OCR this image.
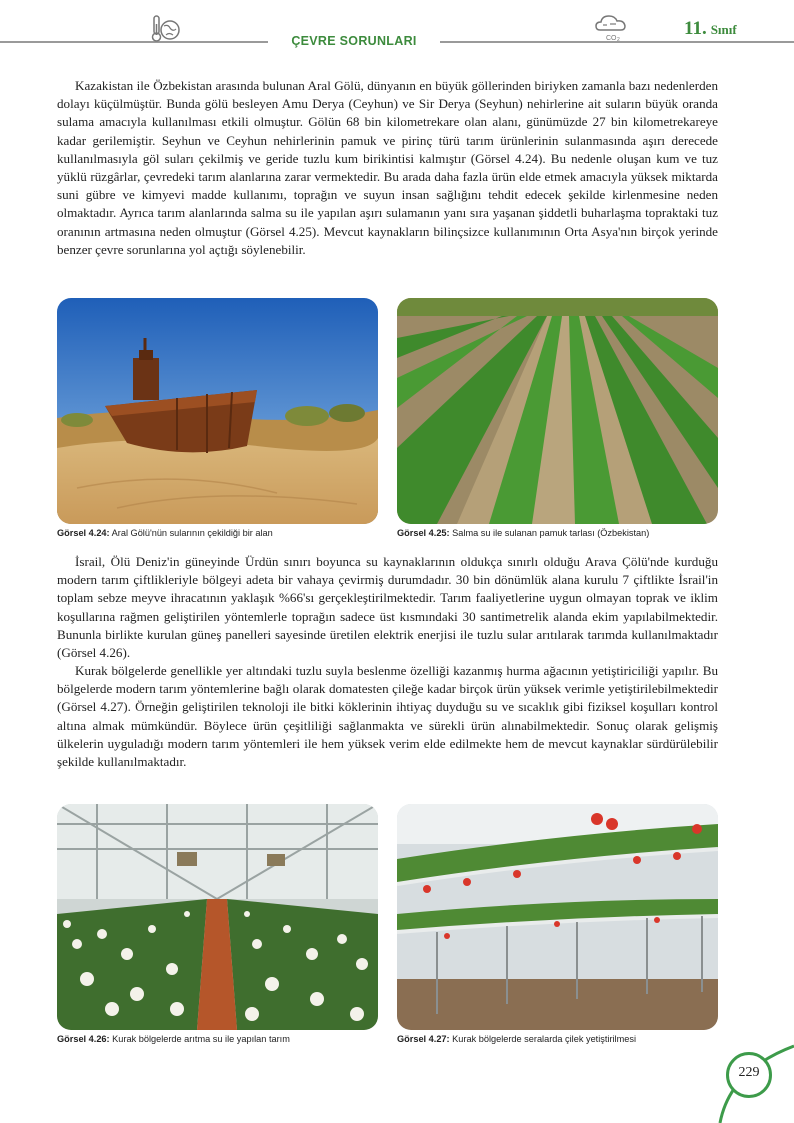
ÇEVRE SORUNLARI	CO 2
11. Sınıf

Kazakistan ile Özbekistan arasında bulunan Aral Gölü, dünyanın en büyük göllerinden biriyken zamanla bazı nedenlerden dolayı küçülmüştür. Bunda gölü besleyen Amu Derya (Ceyhun) ve Sir Derya (Seyhun) nehirlerine ait suların büyük oranda sulama amacıyla kullanılması etkili olmuştur. Gölün 68 bin kilometrekare olan alanı, günümüzde 27 bin kilometrekareye kadar gerilemiştir. Seyhun ve Ceyhun nehirlerinin pamuk ve pirinç türü tarım ürünlerinin sulanmasında aşırı derecede kullanılmasıyla göl suları çekilmiş ve geride tuzlu kum birikintisi kalmıştır (Görsel 4.24). Bu nedenle oluşan kum ve tuz yüklü rüzgârlar, çevredeki tarım alanlarına zarar vermektedir. Bu arada daha fazla ürün elde etmek amacıyla yüksek miktarda suni gübre ve kimyevi madde kullanımı, toprağın ve suyun insan sağlığını tehdit edecek şekilde kirlenmesine neden olmaktadır. Ayrıca tarım alanlarında salma su ile yapılan aşırı sulamanın yanı sıra yaşanan şiddetli buharlaşma topraktaki tuz oranının artmasına neden olmuştur (Görsel 4.25). Mevcut kaynakların bilinçsizce kullanımının Orta Asya'nın birçok yerinde benzer çevre sorunlarına yol açtığı söylenebilir.

Görsel 4.24: Aral Gölü'nün sularının çekildiği bir alan	Görsel 4.25: Salma su ile sulanan pamuk tarlası (Özbekistan)

İsrail, Ölü Deniz'in güneyinde Ürdün sınırı boyunca su kaynaklarının oldukça sınırlı olduğu Arava Çölü'nde kurduğu modern tarım çiftlikleriyle bölgeyi adeta bir vahaya çevirmiş durumdadır. 30 bin dönümlük alana kurulu 7 çiftlikte İsrail'in toplam sebze meyve ihracatının yaklaşık %66'sı gerçekleştirilmektedir. Tarım faaliyetlerine uygun olmayan toprak ve iklim koşullarına rağmen geliştirilen yöntemlerle toprağın sadece üst kısmındaki 30 santimetrelik alanda ekim yapılabilmektedir. Bununla birlikte kurulan güneş panelleri sayesinde üretilen elektrik enerjisi ile tuzlu sular arıtılarak tarımda kullanılmaktadır (Görsel 4.26).

Kurak bölgelerde genellikle yer altındaki tuzlu suyla beslenme özelliği kazanmış hurma ağacının yetiştiriciliği yapılır. Bu bölgelerde modern tarım yöntemlerine bağlı olarak domatesten çileğe kadar birçok ürün yüksek verimle yetiştirilebilmektedir (Görsel 4.27). Örneğin geliştirilen teknoloji ile bitki köklerinin ihtiyaç duyduğu su ve sıcaklık gibi fiziksel koşulları kontrol altına almak mümkündür. Böylece ürün çeşitliliği sağlanmakta ve sürekli ürün alınabilmektedir. Sonuç olarak gelişmiş ülkelerin uyguladığı modern tarım yöntemleri ile hem yüksek verim elde edilmekte hem de mevcut kaynaklar sürdürülebilir şekilde kullanılmaktadır.

Görsel 4.26: Kurak bölgelerde arıtma su ile yapılan tarım	Görsel 4.27: Kurak bölgelerde seralarda çilek yetiştirilmesi
229
